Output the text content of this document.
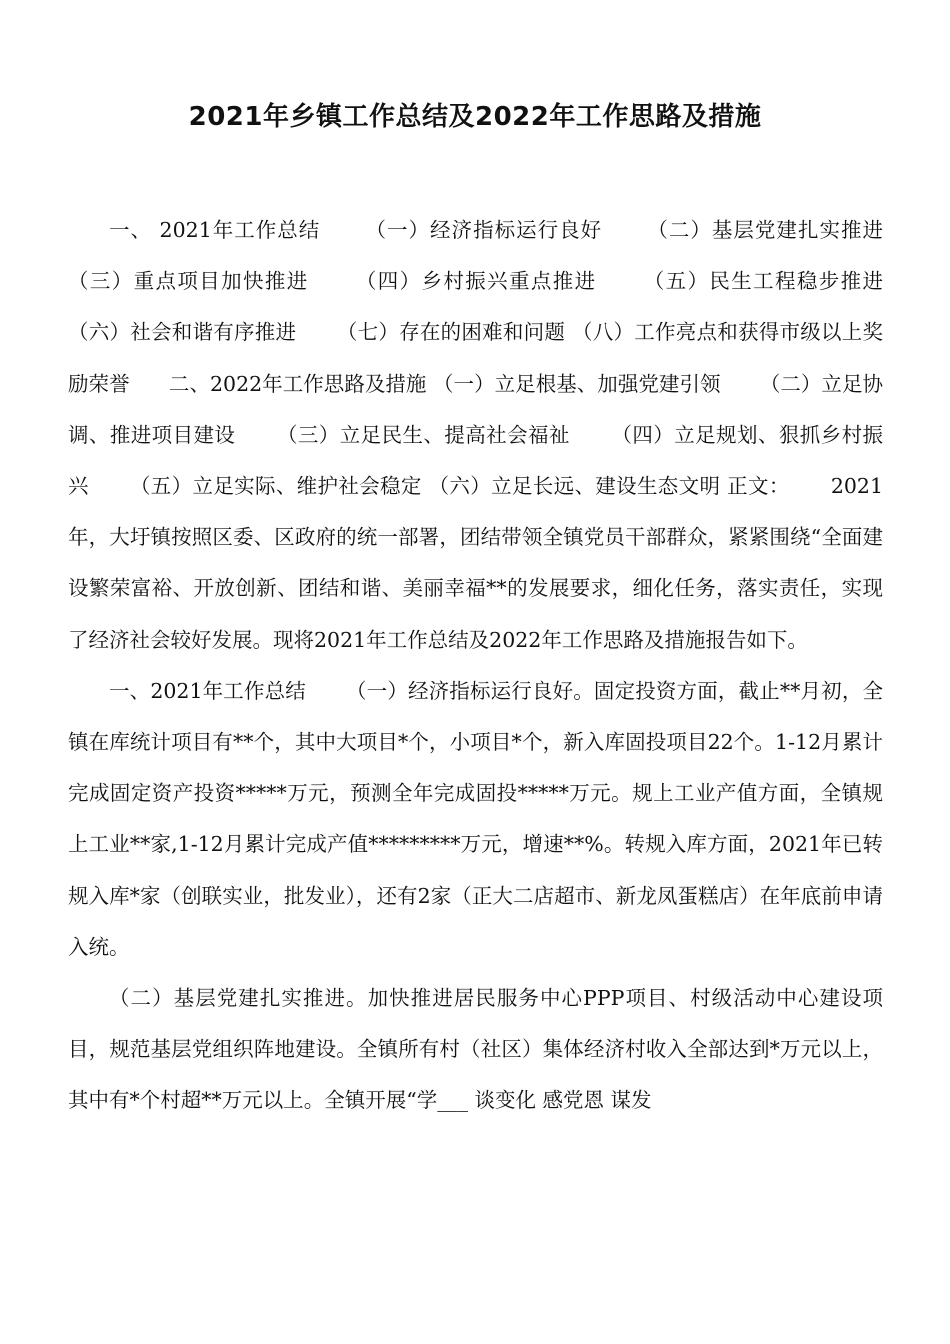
2021年乡镇工作总结及2022年工作思路及措施

一、 2021年工作总结      （一）经济指标运行良好      （二）基层党建扎实推进      （三）重点项目加快推进      （四）乡村振兴重点推进      （五）民生工程稳步推进      （六）社会和谐有序推进      （七）存在的困难和问题 （八）工作亮点和获得市级以上奖励荣誉      二、2022年工作思路及措施 （一）立足根基、加强党建引领      （二）立足协调、推进项目建设      （三）立足民生、提高社会福祉      （四）立足规划、狠抓乡村振兴      （五）立足实际、维护社会稳定 （六）立足长远、建设生态文明 正文：      2021年，大圩镇按照区委、区政府的统一部署，团结带领全镇党员干部群众，紧紧围绕“全面建设繁荣富裕、开放创新、团结和谐、美丽幸福**的发展要求，细化任务，落实责任，实现了经济社会较好发展。现将2021年工作总结及2022年工作思路及措施报告如下。

一、2021年工作总结      （一）经济指标运行良好。固定投资方面，截止**月初，全镇在库统计项目有**个，其中大项目*个，小项目*个，新入库固投项目22个。1-12月累计完成固定资产投资*****万元，预测全年完成固投*****万元。规上工业产值方面，全镇规上工业**家,1-12月累计完成产值*********万元，增速**%。转规入库方面，2021年已转规入库*家（创联实业，批发业），还有2家（正大二店超市、新龙凤蛋糕店）在年底前申请入统。

（二）基层党建扎实推进。加快推进居民服务中心PPP项目、村级活动中心建设项目，规范基层党组织阵地建设。全镇所有村（社区）集体经济村收入全部达到*万元以上，其中有*个村超**万元以上。全镇开展“学___ 谈变化 感党恩 谋发
